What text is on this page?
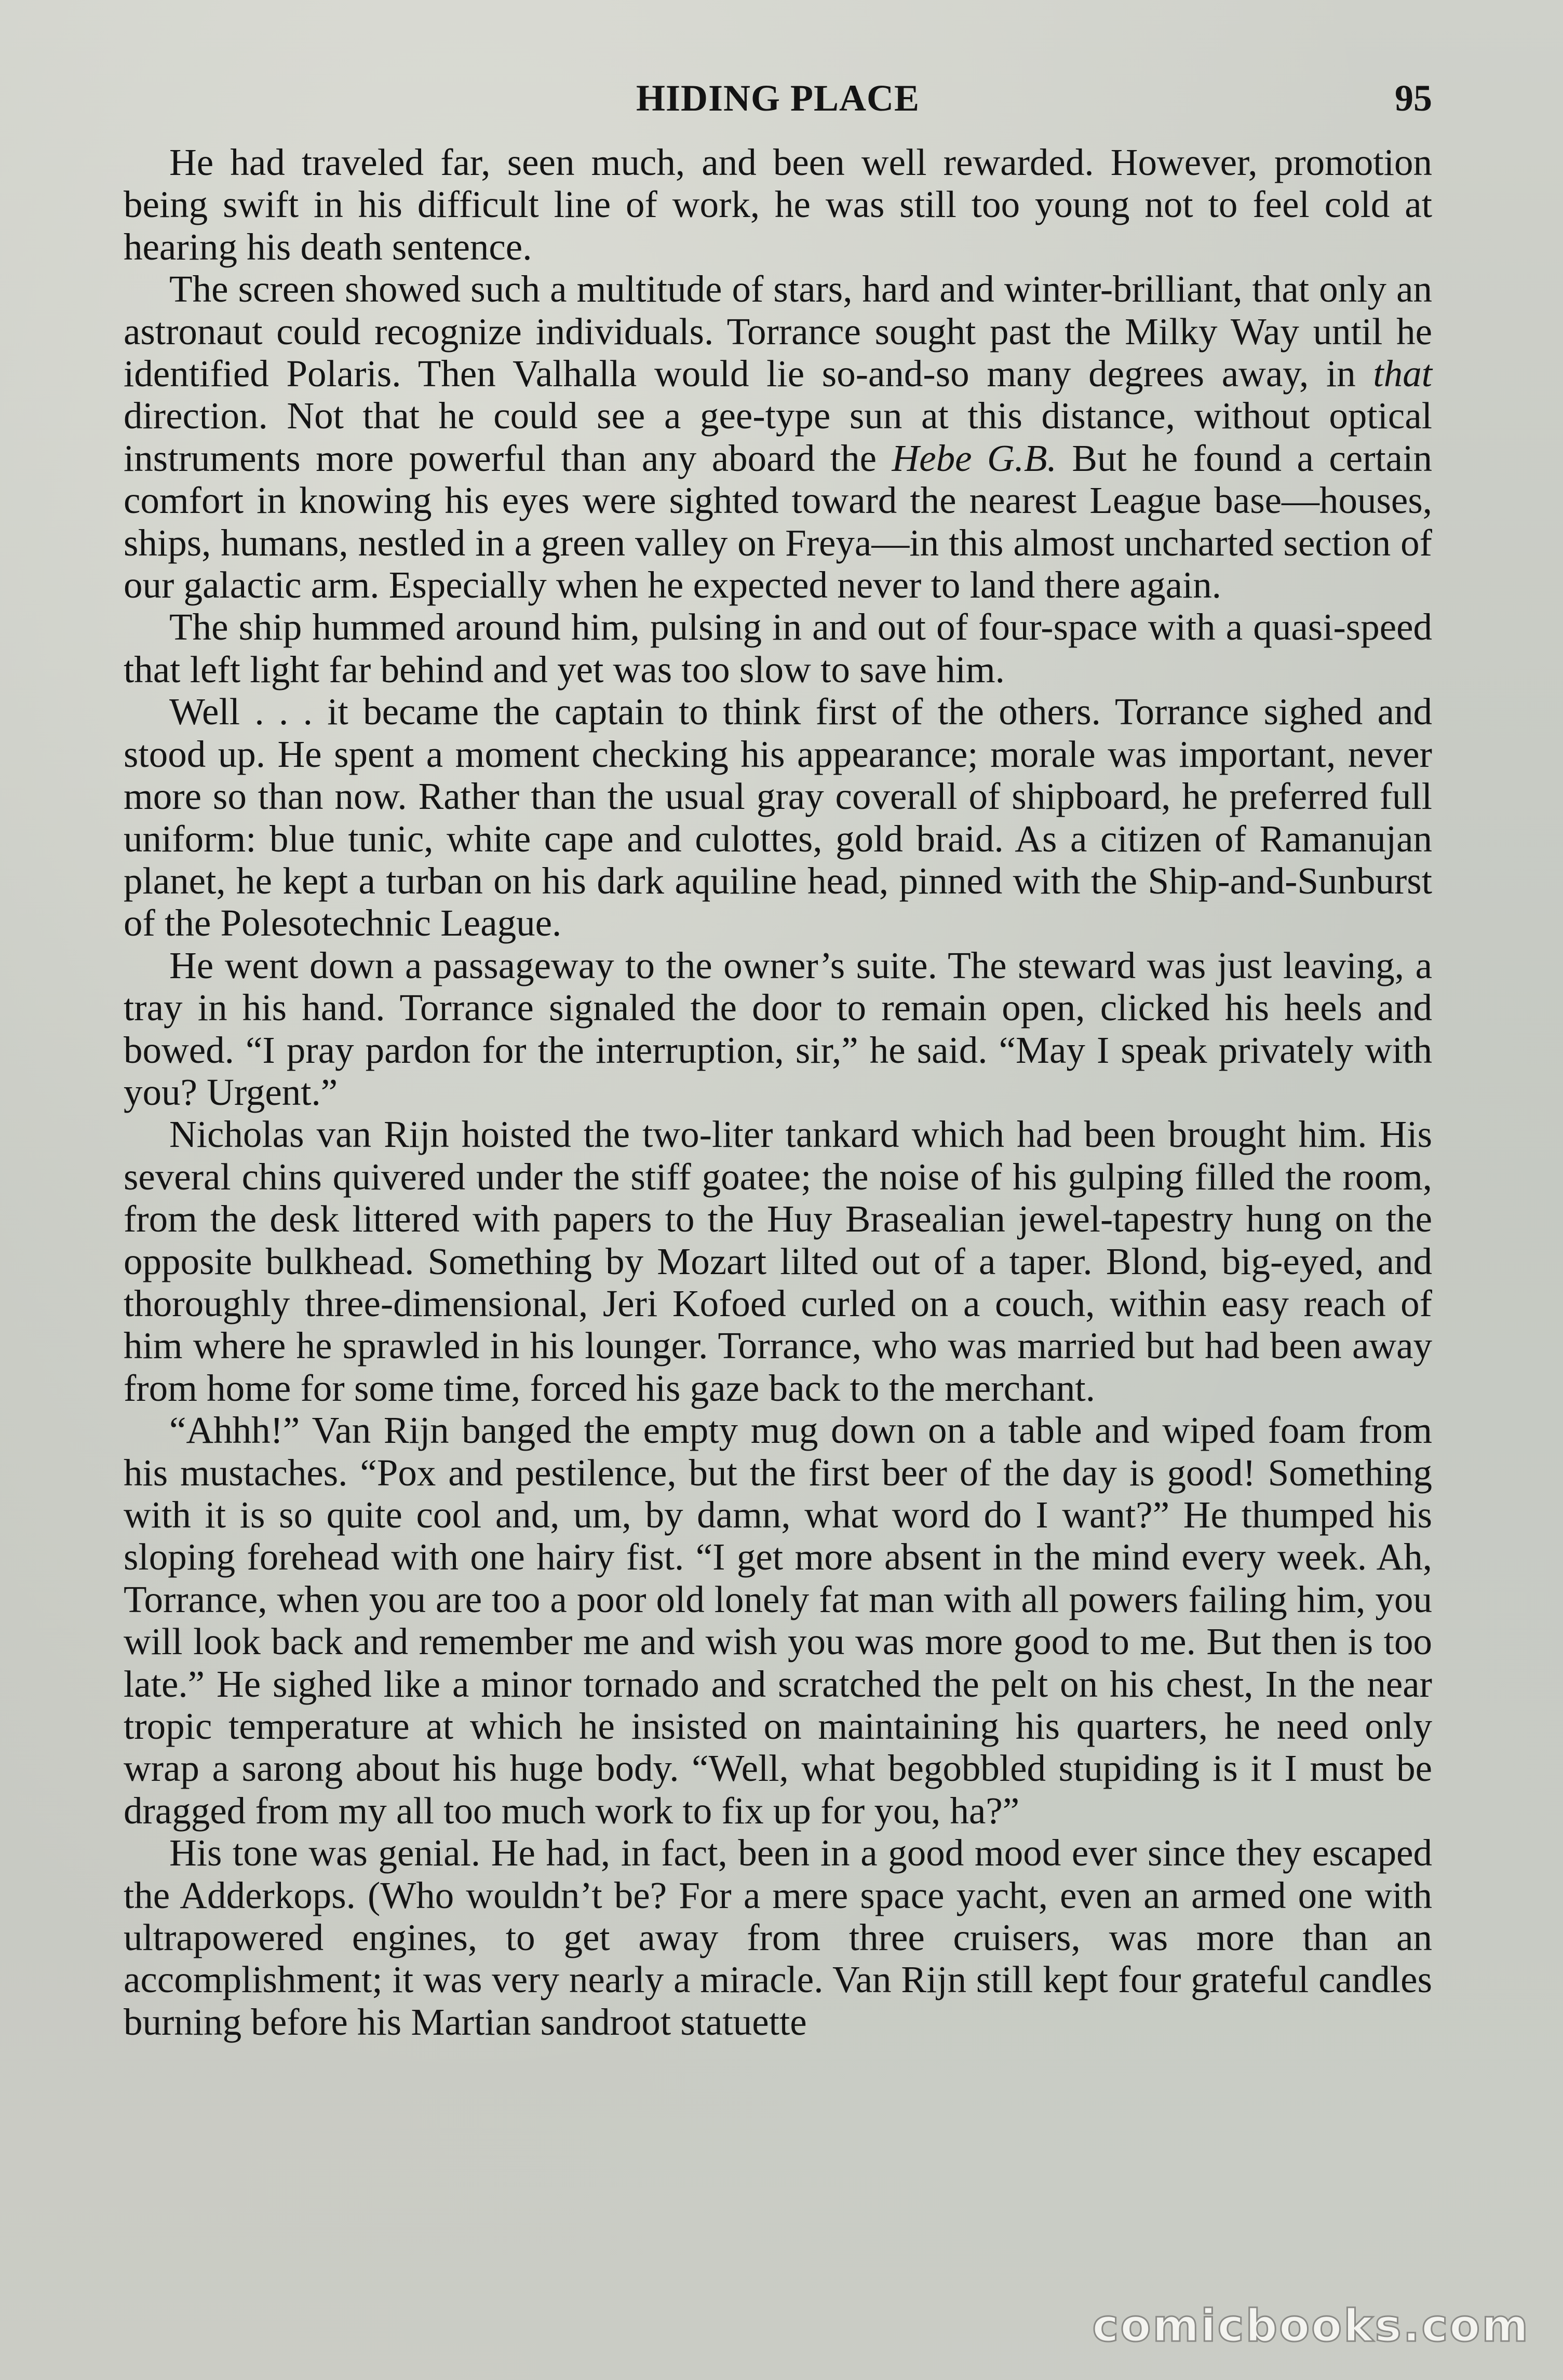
HIDING PLACE	95

He had traveled far, seen much, and been well rewarded. However, promotion being swift in his difficult line of work, he was still too young not to feel cold at hearing his death sentence.

The screen showed such a multitude of stars, hard and winter-brilliant, that only an astronaut could recognize individuals. Torrance sought past the Milky Way until he identified Polaris. Then Valhalla would lie so-and-so many degrees away, in that direction. Not that he could see a gee-type sun at this distance, without optical instruments more powerful than any aboard the Hebe G.B. But he found a certain comfort in knowing his eyes were sighted toward the nearest League base—houses, ships, humans, nestled in a green valley on Freya—in this almost uncharted section of our galactic arm. Especially when he expected never to land there again.

The ship hummed around him, pulsing in and out of four-space with a quasi-speed that left light far behind and yet was too slow to save him.

Well . . . it became the captain to think first of the others. Torrance sighed and stood up. He spent a moment checking his appearance; morale was important, never more so than now. Rather than the usual gray coverall of shipboard, he preferred full uniform: blue tunic, white cape and culottes, gold braid. As a citizen of Ramanujan planet, he kept a turban on his dark aquiline head, pinned with the Ship-and-Sunburst of the Polesotechnic League.

He went down a passageway to the owner’s suite. The steward was just leaving, a tray in his hand. Torrance signaled the door to remain open, clicked his heels and bowed. “I pray pardon for the interruption, sir,” he said. “May I speak privately with you? Urgent.”

Nicholas van Rijn hoisted the two-liter tankard which had been brought him. His several chins quivered under the stiff goatee; the noise of his gulping filled the room, from the desk littered with papers to the Huy Brasealian jewel-tapestry hung on the opposite bulkhead. Something by Mozart lilted out of a taper. Blond, big-eyed, and thoroughly three-dimensional, Jeri Kofoed curled on a couch, within easy reach of him where he sprawled in his lounger. Torrance, who was married but had been away from home for some time, forced his gaze back to the merchant.

“Ahhh!” Van Rijn banged the empty mug down on a table and wiped foam from his mustaches. “Pox and pestilence, but the first beer of the day is good! Something with it is so quite cool and, um, by damn, what word do I want?” He thumped his sloping forehead with one hairy fist. “I get more absent in the mind every week. Ah, Torrance, when you are too a poor old lonely fat man with all powers failing him, you will look back and remember me and wish you was more good to me. But then is too late.” He sighed like a minor tornado and scratched the pelt on his chest, In the near tropic temperature at which he insisted on maintaining his quarters, he need only wrap a sarong about his huge body. “Well, what begobbled stupiding is it I must be dragged from my all too much work to fix up for you, ha?”

His tone was genial. He had, in fact, been in a good mood ever since they escaped the Adderkops. (Who wouldn’t be? For a mere space yacht, even an armed one with ultrapowered engines, to get away from three cruisers, was more than an accomplishment; it was very nearly a miracle. Van Rijn still kept four grateful candles burning before his Martian sandroot statuette

comicbooks.com
